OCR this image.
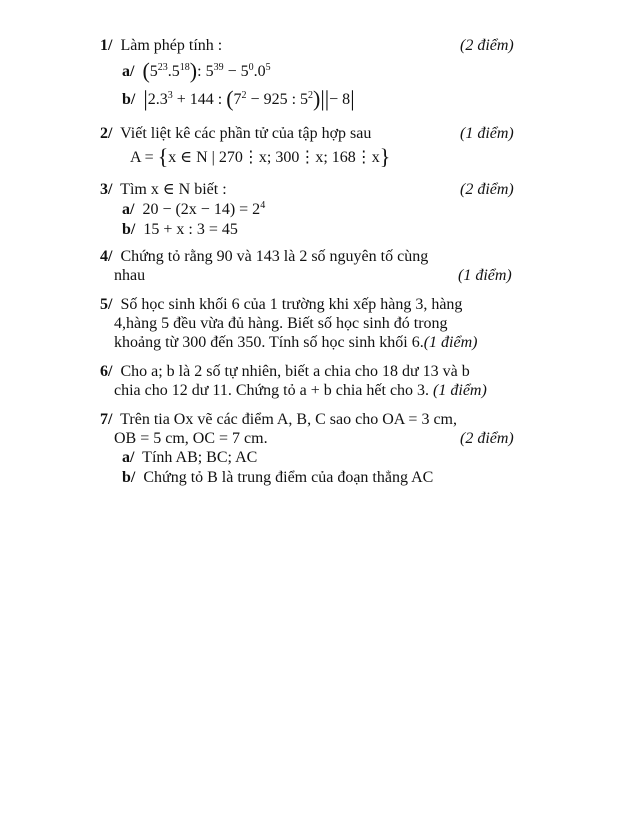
1/ Làm phép tính :	(2 điểm)
a/ $(5^{23}.5^{18})$: $5^{39} - 5^0.0^5$
b/ $|2.3^3 + 144$ : ($7^2 - 925$ : $5^2)||- 8|$
2/ Viết liệt kê các phần tử của tập hợp sau	(1 điểm)
A = {x ∈ N | 270⋮x; 300⋮x; 168⋮x}
3/ Tìm x ∈ N biết :	(2 điểm)
a/ $20 - (2x - 14) = 2^4$
b/ 15 + x : 3 = 45
4/ Chứng tỏ rằng 90 và 143 là 2 số nguyên tố cùng
nhau	(1 điểm)
5/ Số học sinh khối 6 của 1 trường khi xếp hàng 3, hàng
4,hàng 5 đều vừa đủ hàng. Biết số học sinh đó trong
khoảng từ 300 đến 350. Tính số học sinh khối 6.(1 điểm)
6/ Cho a; b là 2 số tự nhiên, biết a chia cho 18 dư 13 và b
chia cho 12 dư 11. Chứng tỏ a + b chia hết cho 3. (1 điểm)
7/ Trên tia Ox vẽ các điểm A, B, C sao cho OA = 3 cm,
OB = 5 cm, OC = 7 cm.	(2 điểm)
a/ Tính AB; BC; AC
b/ Chứng tỏ B là trung điểm của đoạn thẳng AC
